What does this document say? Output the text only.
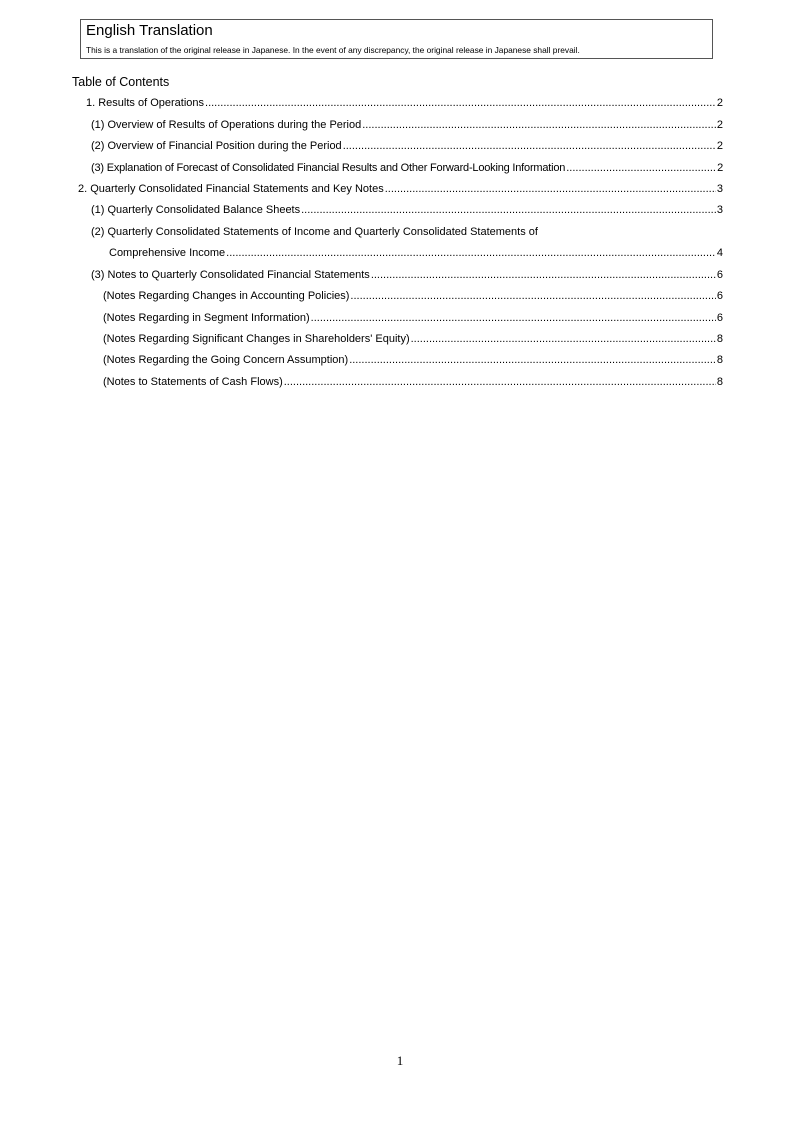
English Translation
This is a translation of the original release in Japanese. In the event of any discrepancy, the original release in Japanese shall prevail.
Table of Contents
1. Results of Operations .....	2
(1) Overview of Results of Operations during the Period .....	2
(2) Overview of Financial Position during the Period .....	2
(3) Explanation of Forecast of Consolidated Financial Results and Other Forward-Looking Information .....	2
2. Quarterly Consolidated Financial Statements and Key Notes .....	3
(1) Quarterly Consolidated Balance Sheets .....	3
(2) Quarterly Consolidated Statements of Income and Quarterly Consolidated Statements of
Comprehensive Income .....	4
(3) Notes to Quarterly Consolidated Financial Statements .....	6
(Notes Regarding Changes in Accounting Policies) .....	6
(Notes Regarding in Segment Information) .....	6
(Notes Regarding Significant Changes in Shareholders' Equity) .....	8
(Notes Regarding the Going Concern Assumption) .....	8
(Notes to Statements of Cash Flows) .....	8
1
